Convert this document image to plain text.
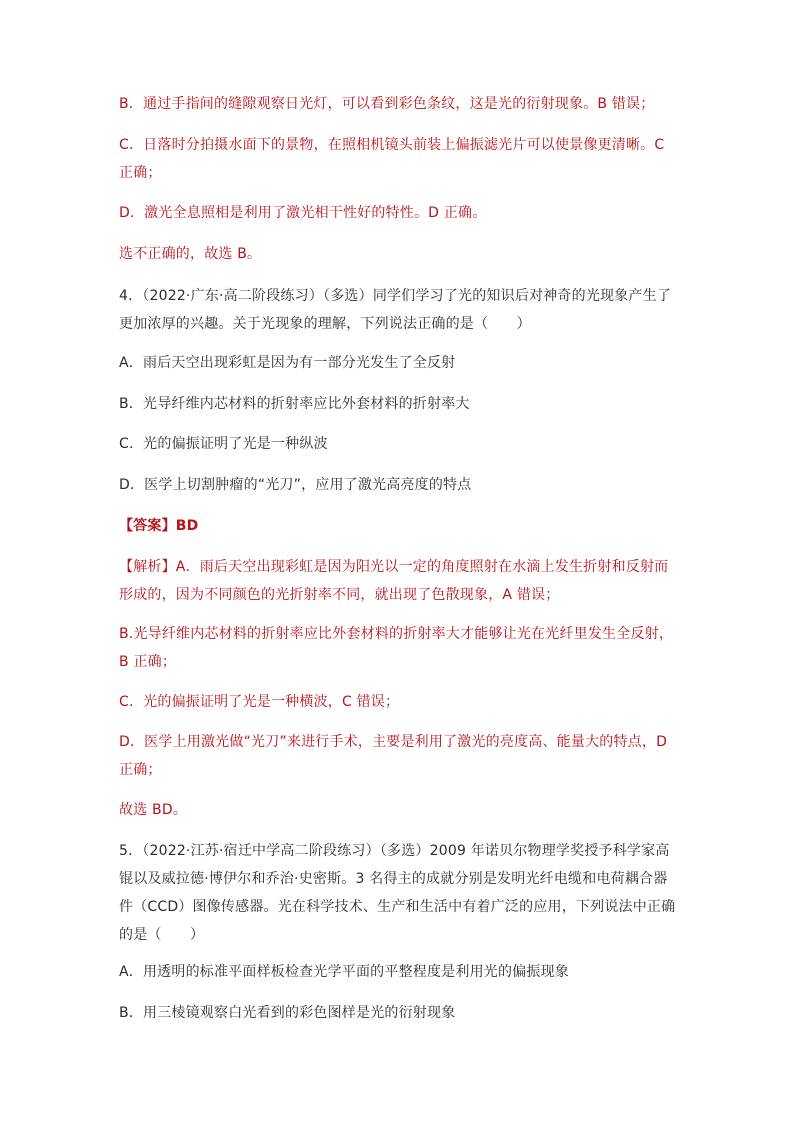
B．通过手指间的缝隙观察日光灯，可以看到彩色条纹，这是光的衍射现象。B 错误；
C．日落时分拍摄水面下的景物，在照相机镜头前装上偏振滤光片可以使景像更清晰。C 正确；
D．激光全息照相是利用了激光相干性好的特性。D 正确。
选不正确的，故选 B。
4．（2022·广东·高二阶段练习）（多选）同学们学习了光的知识后对神奇的光现象产生了更加浓厚的兴趣。关于光现象的理解，下列说法正确的是（　　）
A．雨后天空出现彩虹是因为有一部分光发生了全反射
B．光导纤维内芯材料的折射率应比外套材料的折射率大
C．光的偏振证明了光是一种纵波
D．医学上切割肿瘤的“光刀”，应用了激光高亮度的特点
【答案】BD
【解析】A．雨后天空出现彩虹是因为阳光以一定的角度照射在水滴上发生折射和反射而形成的，因为不同颜色的光折射率不同，就出现了色散现象，A 错误；
B.光导纤维内芯材料的折射率应比外套材料的折射率大才能够让光在光纤里发生全反射，B 正确；
C．光的偏振证明了光是一种横波，C 错误；
D．医学上用激光做“光刀”来进行手术，主要是利用了激光的亮度高、能量大的特点，D 正确；
故选 BD。
5．（2022·江苏·宿迁中学高二阶段练习）（多选）2009 年诺贝尔物理学奖授予科学家高锟以及威拉德·博伊尔和乔治·史密斯。3 名得主的成就分别是发明光纤电缆和电荷耦合器件（CCD）图像传感器。光在科学技术、生产和生活中有着广泛的应用，下列说法中正确的是（　　）
A．用透明的标准平面样板检查光学平面的平整程度是利用光的偏振现象
B．用三棱镜观察白光看到的彩色图样是光的衍射现象
